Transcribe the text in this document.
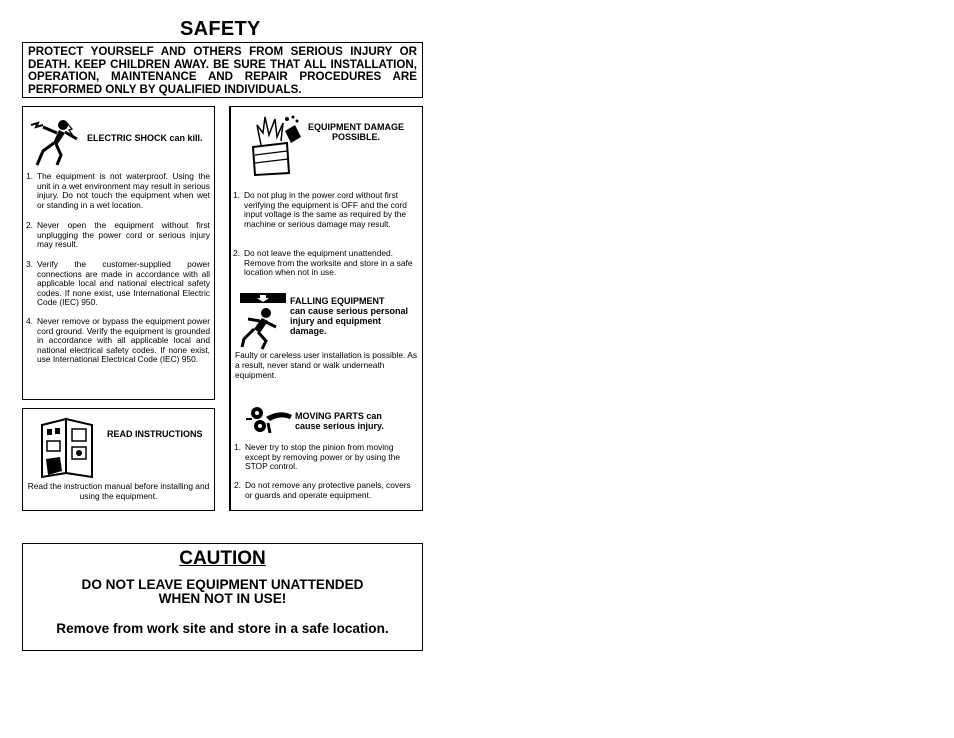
SAFETY
PROTECT YOURSELF AND OTHERS FROM SERIOUS INJURY OR DEATH. KEEP CHILDREN AWAY. BE SURE THAT ALL INSTALLATION, OPERATION, MAINTENANCE AND REPAIR PROCEDURES ARE PERFORMED ONLY BY QUALIFIED INDIVIDUALS.
ELECTRIC SHOCK can kill.
1. The equipment is not waterproof. Using the unit in a wet environment may result in serious injury. Do not touch the equipment when wet or standing in a wet location.
2. Never open the equipment without first unplugging the power cord or serious injury may result.
3. Verify the customer-supplied power connections are made in accordance with all applicable local and national electrical safety codes. If none exist, use International Electric Code (IEC) 950.
4. Never remove or bypass the equipment power cord ground. Verify the equipment is grounded in accordance with all applicable local and national electrical safety codes. If none exist, use International Electrical Code (IEC) 950.
READ INSTRUCTIONS
Read the instruction manual before installing and using the equipment.
EQUIPMENT DAMAGE
POSSIBLE.
1. Do not plug in the power cord without first verifying the equipment is OFF and the cord input voltage is the same as required by the machine or serious damage may result.
2. Do not leave the equipment unattended. Remove from the worksite and store in a safe location when not in use.
FALLING EQUIPMENT
can cause serious personal injury and equipment damage.
Faulty or careless user installation is possible. As a result, never stand or walk underneath equipment.
MOVING PARTS can cause serious injury.
1. Never try to stop the pinion from moving except by removing power or by using the STOP control.
2. Do not remove any protective panels, covers or guards and operate equipment.
CAUTION
DO NOT LEAVE EQUIPMENT UNATTENDED
WHEN NOT IN USE!
Remove from work site and store in a safe location.
